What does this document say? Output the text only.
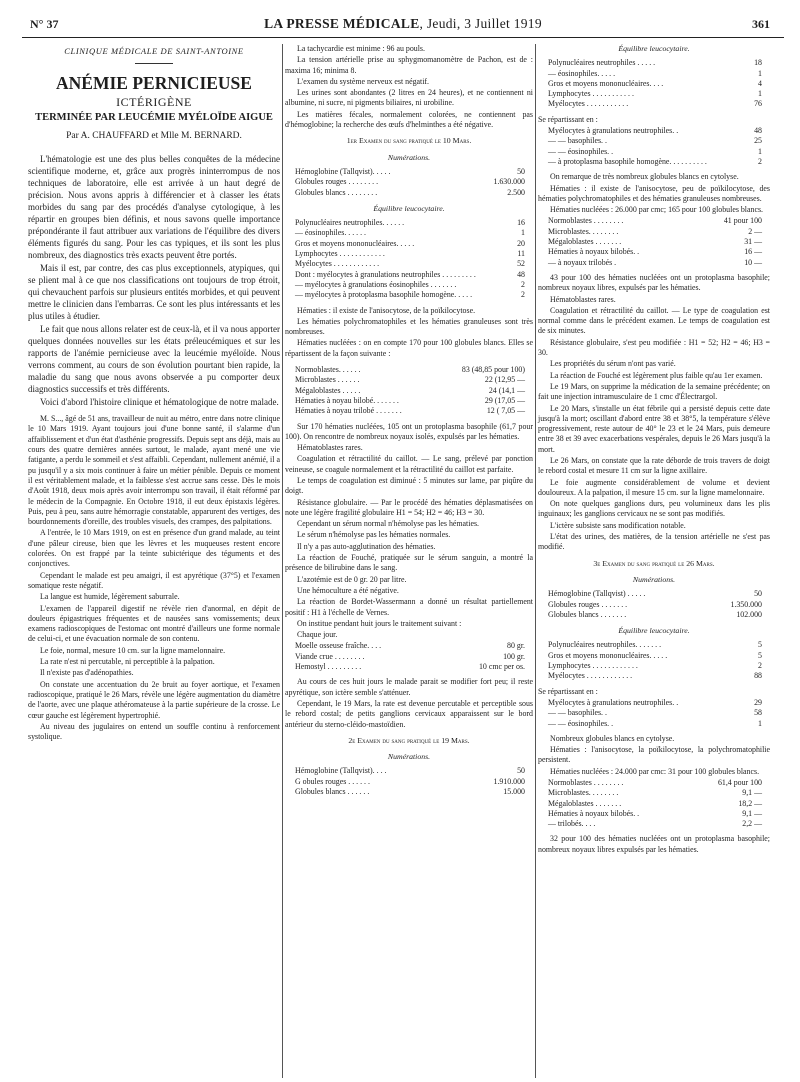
N° 37	LA PRESSE MÉDICALE, Jeudi, 3 Juillet 1919	361
CLINIQUE MÉDICALE DE SAINT-ANTOINE
ANÉMIE PERNICIEUSE
ICTÉRIGÈNE
TERMINÉE PAR LEUCÉMIE MYÉLOÏDE AIGUE
Par A. CHAUFFARD et Mlle M. BERNARD.

L'hématologie est une des plus belles conquêtes de la médecine scientifique moderne, et, grâce aux progrès ininterrompus de nos techniques de laboratoire, elle est arrivée à un haut degré de précision. Nous avons appris à différencier et à classer les états morbides du sang par des procédés d'analyse cytologique, à les répartir en groupes bien définis, et nous savons quelle importance prépondérante il faut attribuer aux variations de l'équilibre des divers éléments figurés du sang. Pour les cas typiques, et ils sont les plus nombreux, des diagnostics très exacts peuvent être portés.

Mais il est, par contre, des cas plus exceptionnels, atypiques, qui se plient mal à ce que nos classifications ont toujours de trop étroit, qui chevauchent parfois sur plusieurs entités morbides, et qui peuvent mettre le clinicien dans l'embarras. Ce sont les plus intéressants et les plus utiles à étudier.

Le fait que nous allons relater est de ceux-là, et il va nous apporter quelques données nouvelles sur les états préleucémiques et sur les rapports de l'anémie pernicieuse avec la leucémie myéloïde. Nous verrons comment, au cours de son évolution pourtant bien rapide, la maladie du sang que nous avons observée a pu comporter deux diagnostics successifs et très différents.

Voici d'abord l'histoire clinique et hématologique de notre malade.

M. S..., âgé de 51 ans, travailleur de nuit au métro, entre dans notre clinique le 10 Mars 1919. Ayant toujours joui d'une bonne santé, il s'alarme d'un affaiblissement et d'un état d'asthénie progressifs. Depuis sept ans déjà, mais au cours des quatre dernières années surtout, le malade, ayant mené une vie fatigante, a perdu le sommeil et s'est affaibli. Cependant, nullement anémié, il a pu jusqu'il y a six mois continuer à faire un métier pénible. Depuis ce moment il est véritablement malade, et la faiblesse s'est accrue sans cesse. Dès le mois d'Août 1918, deux mois après avoir interrompu son travail, il était réformé par le médecin de la Compagnie. En Octobre 1918, il eut deux épistaxis légères. Puis, peu à peu, sans autre hémorragie constatable, apparurent des vertiges, des bourdonnements d'oreille, des troubles visuels, des crampes, des palpitations.

A l'entrée, le 10 Mars 1919, on est en présence d'un grand malade, au teint d'une pâleur cireuse, bien que les lèvres et les muqueuses restent encore colorées. On est frappé par la teinte subictérique des téguments et des conjonctives.

Cependant le malade est peu amaigri, il est apyrétique (37°5) et l'examen somatique reste négatif.

La langue est humide, légèrement saburrale.

L'examen de l'appareil digestif ne révèle rien d'anormal, en dépit de douleurs épigastriques fréquentes et de nausées sans vomissements; deux examens radioscopiques de l'estomac ont montré d'ailleurs une forme normale de celui-ci, et une évacuation normale de son contenu.

Le foie, normal, mesure 10 cm. sur la ligne mamelonnaire.

La rate n'est ni percutable, ni perceptible à la palpation.

Il n'existe pas d'adénopathies.

On constate une accentuation du 2e bruit au foyer aortique, et l'examen radioscopique, pratiqué le 26 Mars, révèle une légère augmentation du diamètre de l'aorte, avec une plaque athéromateuse à la partie supérieure de la crosse. Le cœur gauche est légèrement hypertrophié.

Au niveau des jugulaires on entend un souffle continu à renforcement systolique.

La tachycardie est minime : 96 au pouls.

La tension artérielle prise au sphygmomanomètre de Pachon, est de : maxima 16; minima 8.

L'examen du système nerveux est négatif.

Les urines sont abondantes (2 litres en 24 heures), et ne contiennent ni albumine, ni sucre, ni pigments biliaires, ni urobiline.

Les matières fécales, normalement colorées, ne contiennent pas d'hémoglobine; la recherche des œufs d'helminthes a été négative.

1er Examen du sang pratiqué le 10 Mars.
Numérations.
Hémoglobine (Tallqvist). . . . .	50
Globules rouges . . . . . . . .	1.630.000
Globules blancs . . . . . . . .	2.500
Équilibre leucocytaire.
Polynucléaires neutrophiles. . . . . .	16
— éosinophiles. . . . . .	1
Gros et moyens mononucléaires. . . . .	20
Lymphocytes . . . . . . . . . . . .	11
Myélocytes . . . . . . . . . . . .	52
Dont : myélocytes à granulations neutrophiles . . . . . . . . .	48
— myélocytes à granulations éosinophiles . . . . . . .	2
— myélocytes à protoplasma basophile homogène. . . . .	2

Hématies : il existe de l'anisocytose, de la poïkilocytose.

Les hématies polychromatophiles et les hématies granuleuses sont très nombreuses.

Hématies nucléées : on en compte 170 pour 100 globules blancs. Elles se répartissent de la façon suivante :

Normoblastes. . . . . .	83 (48,85 pour 100)
Microblastes . . . . . .	22 (12,95 —
Mégaloblastes . . . . .	24 (14,1 —
Hématies à noyau bilobé. . . . . . .	29 (17,05 —
Hématies à noyau trilobé . . . . . . .	12 ( 7,05 —

Sur 170 hématies nucléées, 105 ont un protoplasma basophile (61,7 pour 100). On rencontre de nombreux noyaux isolés, expulsés par les hématies.

Hématoblastes rares.

Coagulation et rétractilité du caillot. — Le sang, prélevé par ponction veineuse, se coagule normalement et la rétractilité du caillot est parfaite.

Le temps de coagulation est diminué : 5 minutes sur lame, par piqûre du doigt.

Résistance globulaire. — Par le procédé des hématies déplasmatisées on note une légère fragilité globulaire H1 = 54; H2 = 46; H3 = 30.

Cependant un sérum normal n'hémolyse pas les hématies.

Le sérum n'hémolyse pas les hématies normales.

Il n'y a pas auto-agglutination des hématies.

La réaction de Fouché, pratiquée sur le sérum sanguin, a montré la présence de bilirubine dans le sang.

L'azotémie est de 0 gr. 20 par litre.

Une hémoculture a été négative.

La réaction de Bordet-Wassermann a donné un résultat partiellement positif : H1 à l'échelle de Vernes.

On institue pendant huit jours le traitement suivant :

Chaque jour.

Moelle osseuse fraîche. . . .	80 gr.
Viande crue . . . . . . . .	100 gr.
Hemostyl . . . . . . . . .	10 cmc per os.

Au cours de ces huit jours le malade parait se modifier fort peu; il reste apyrétique, son ictère semble s'atténuer.

Cependant, le 19 Mars, la rate est devenue percutable et perceptible sous le rebord costal; de petits ganglions cervicaux apparaissent sur le bord antérieur du sterno-cléido-mastoïdien.

2e Examen du sang pratiqué le 19 Mars.
Numérations.
Hémoglobine (Tallqvist). . . .	50
G obules rouges . . . . . .	1.910.000
Globules blancs . . . . . .	15.000
Équilibre leucocytaire.
Polynucléaires neutrophiles . . . . .	18
— éosinophiles. . . . .	1
Gros et moyens mononucléaires. . . .	4
Lymphocytes . . . . . . . . . . .	1
Myélocytes . . . . . . . . . . .	76

Se répartissant en :

Myélocytes à granulations neutrophiles. .	48
— — basophiles. .	25
— — éosinophiles. .	1
— à protoplasma basophile homogène. . . . . . . . . .	2

On remarque de très nombreux globules blancs en cytolyse.

Hématies : il existe de l'anisocytose, peu de poïkilocytose, des hématies polychromatophiles et des hématies granuleuses nombreuses.

Hématies nucléées : 26.000 par cmc; 165 pour 100 globules blancs.

Normoblastes . . . . . . . .	41 pour 100
Microblastes. . . . . . . .	2 —
Mégaloblastes . . . . . . .	31 —
Hématies à noyaux bilobés. .	16 —
— à noyaux trilobés .	10 —

43 pour 100 des hématies nucléées ont un protoplasma basophile; nombreux noyaux libres, expulsés par les hématies.

Hématoblastes rares.

Coagulation et rétractilité du caillot. — Le type de coagulation est normal comme dans le précédent examen. Le temps de coagulation est de six minutes.

Résistance globulaire, s'est peu modifiée : H1 = 52; H2 = 46; H3 = 30.

Les propriétés du sérum n'ont pas varié.

La réaction de Fouché est légèrement plus faible qu'au 1er examen.

Le 19 Mars, on supprime la médication de la semaine précédente; on fait une injection intramusculaire de 1 cmc d'Électrargol.

Le 20 Mars, s'installe un état fébrile qui a persisté depuis cette date jusqu'à la mort; oscillant d'abord entre 38 et 38°5, la température s'élève progressivement, reste autour de 40° le 23 et le 24 Mars, puis demeure entre 38 et 39 avec exacerbations vespérales, depuis le 26 Mars jusqu'à la mort.

Le 26 Mars, on constate que la rate déborde de trois travers de doigt le rebord costal et mesure 11 cm sur la ligne axillaire.

Le foie augmente considérablement de volume et devient douloureux. A la palpation, il mesure 15 cm. sur la ligne mamelonnaire.

On note quelques ganglions durs, peu volumineux dans les plis inguinaux; les ganglions cervicaux ne se sont pas modifiés.

L'ictère subsiste sans modification notable.

L'état des urines, des matières, de la tension artérielle ne s'est pas modifié.

3e Examen du sang pratiqué le 26 Mars.
Numérations.
Hémoglobine (Tallqvist) . . . . .	50
Globules rouges . . . . . . .	1.350.000
Globules blancs . . . . . . .	102.000
Équilibre leucocytaire.
Polynucléaires neutrophiles. . . . . . .	5
Gros et moyens mononucléaires. . . . .	5
Lymphocytes . . . . . . . . . . . .	2
Myélocytes . . . . . . . . . . . .	88

Se répartissant en :

Myélocytes à granulations neutrophiles. .	29
— — basophiles. .	58
— — éosinophiles. .	1

Nombreux globules blancs en cytolyse.

Hématies : l'anisocytose, la poïkilocytose, la polychromatophilie persistent.

Hématies nucléées : 24.000 par cmc: 31 pour 100 globules blancs.

Normoblastes . . . . . . . .	61,4 pour 100
Microblastes. . . . . . . .	9,1 —
Mégaloblastes . . . . . . .	18,2 —
Hématies à noyaux bilobés. .	9,1 —
— trilobés. . . .	2,2 —

32 pour 100 des hématies nucléées ont un protoplasma basophile; nombreux noyaux libres expulsés par les hématies.
